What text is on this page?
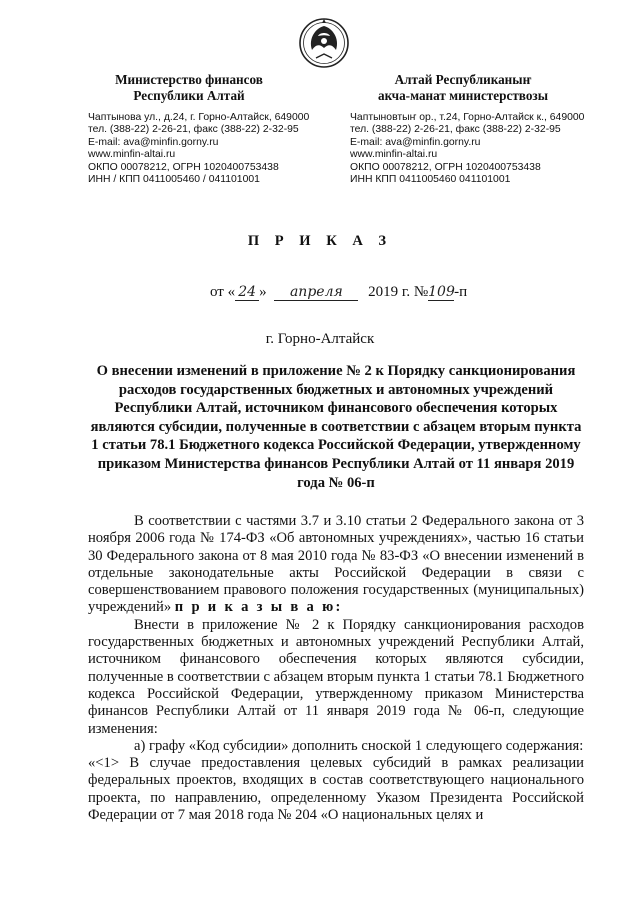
Министерство финансов
Республики Алтай
Чаптынова ул., д.24, г. Горно-Алтайск, 649000
тел. (388-22) 2-26-21, факс (388-22) 2-32-95
E-mail: ava@minfin.gorny.ru
www.minfin-altai.ru
ОКПО 00078212, ОГРН 1020400753438
ИНН / КПП 0411005460 / 041101001
Алтай Республиканыҥ
акча-манат министерствозы
Чаптыновтыҥ ор., т.24, Горно-Алтайск к., 649000
тел. (388-22) 2-26-21, факс (388-22) 2-32-95
E-mail: ava@minfin.gorny.ru
www.minfin-altai.ru
ОКПО 00078212, ОГРН 1020400753438
ИНН КПП 0411005460 041101001
П Р И К А З
от « 24 » апреля 2019 г. №109-п
г. Горно-Алтайск
О внесении изменений в приложение № 2 к Порядку санкционирования расходов государственных бюджетных и автономных учреждений Республики Алтай, источником финансового обеспечения которых являются субсидии, полученные в соответствии с абзацем вторым пункта 1 статьи 78.1 Бюджетного кодекса Российской Федерации, утвержденному приказом Министерства финансов Республики Алтай от 11 января 2019 года № 06-п

В соответствии с частями 3.7 и 3.10 статьи 2 Федерального закона от 3 ноября 2006 года № 174-ФЗ «Об автономных учреждениях», частью 16 статьи 30 Федерального закона от 8 мая 2010 года № 83-ФЗ «О внесении изменений в отдельные законодательные акты Российской Федерации в связи с совершенствованием правового положения государственных (муниципальных) учреждений» п р и к а з ы в а ю:

Внести в приложение № 2 к Порядку санкционирования расходов государственных бюджетных и автономных учреждений Республики Алтай, источником финансового обеспечения которых являются субсидии, полученные в соответствии с абзацем вторым пункта 1 статьи 78.1 Бюджетного кодекса Российской Федерации, утвержденному приказом Министерства финансов Республики Алтай от 11 января 2019 года № 06-п, следующие изменения:

а) графу «Код субсидии» дополнить сноской 1 следующего содержания:

«<1> В случае предоставления целевых субсидий в рамках реализации федеральных проектов, входящих в состав соответствующего национального проекта, по направлению, определенному Указом Президента Российской Федерации от 7 мая 2018 года № 204 «О национальных целях и
